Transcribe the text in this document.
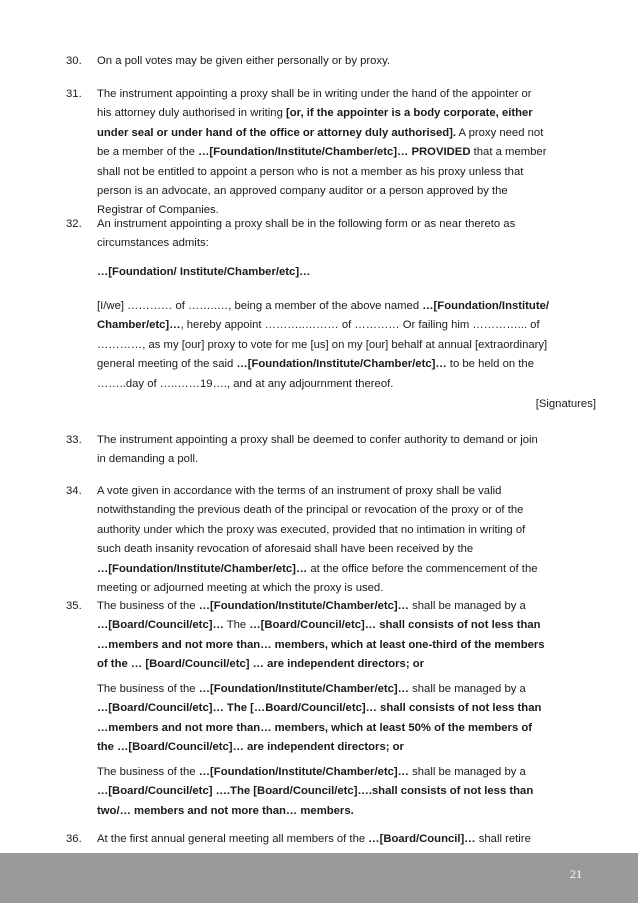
30. On a poll votes may be given either personally or by proxy.
31. The instrument appointing a proxy shall be in writing under the hand of the appointer or
his attorney duly authorised in writing [or, if the appointer is a body corporate, either
under seal or under hand of the office or attorney duly authorised]. A proxy need not
be a member of the …[Foundation/Institute/Chamber/etc]… PROVIDED that a member
shall not be entitled to appoint a person who is not a member as his proxy unless that
person is an advocate, an approved company auditor or a person approved by the
Registrar of Companies.
32. An instrument appointing a proxy shall be in the following form or as near thereto as
circumstances admits:
…[Foundation/ Institute/Chamber/etc]…
[I/we] ………… of ……..…, being a member of the above named …[Foundation/Institute/
Chamber/etc]…, hereby appoint ………..……… of ………… Or failing him …………... of
…………, as my [our] proxy to vote for me [us] on my [our] behalf at annual [extraordinary]
general meeting of the said …[Foundation/Institute/Chamber/etc]… to be held on the
……..day of …..……19…., and at any adjournment thereof.
[Signatures]
33. The instrument appointing a proxy shall be deemed to confer authority to demand or join
in demanding a poll.
34. A vote given in accordance with the terms of an instrument of proxy shall be valid
notwithstanding the previous death of the principal or revocation of the proxy or of the
authority under which the proxy was executed, provided that no intimation in writing of
such death insanity revocation of aforesaid shall have been received by the
…[Foundation/Institute/Chamber/etc]… at the office before the commencement of the
meeting or adjourned meeting at which the proxy is used.
35. The business of the …[Foundation/Institute/Chamber/etc]… shall be managed by a
…[Board/Council/etc]… The …[Board/Council/etc]… shall consists of not less than
…members and not more than… members, which at least one-third of the members
of the … [Board/Council/etc] … are independent directors; or
The business of the …[Foundation/Institute/Chamber/etc]… shall be managed by a
…[Board/Council/etc]… The […Board/Council/etc]… shall consists of not less than
…members and not more than… members, which at least 50% of the members of
the …[Board/Council/etc]… are independent directors; or
The business of the …[Foundation/Institute/Chamber/etc]… shall be managed by a
…[Board/Council/etc] ….The [Board/Council/etc]….shall consists of not less than
two/… members and not more than… members.
36. At the first annual general meeting all members of the …[Board/Council]… shall retire
21
